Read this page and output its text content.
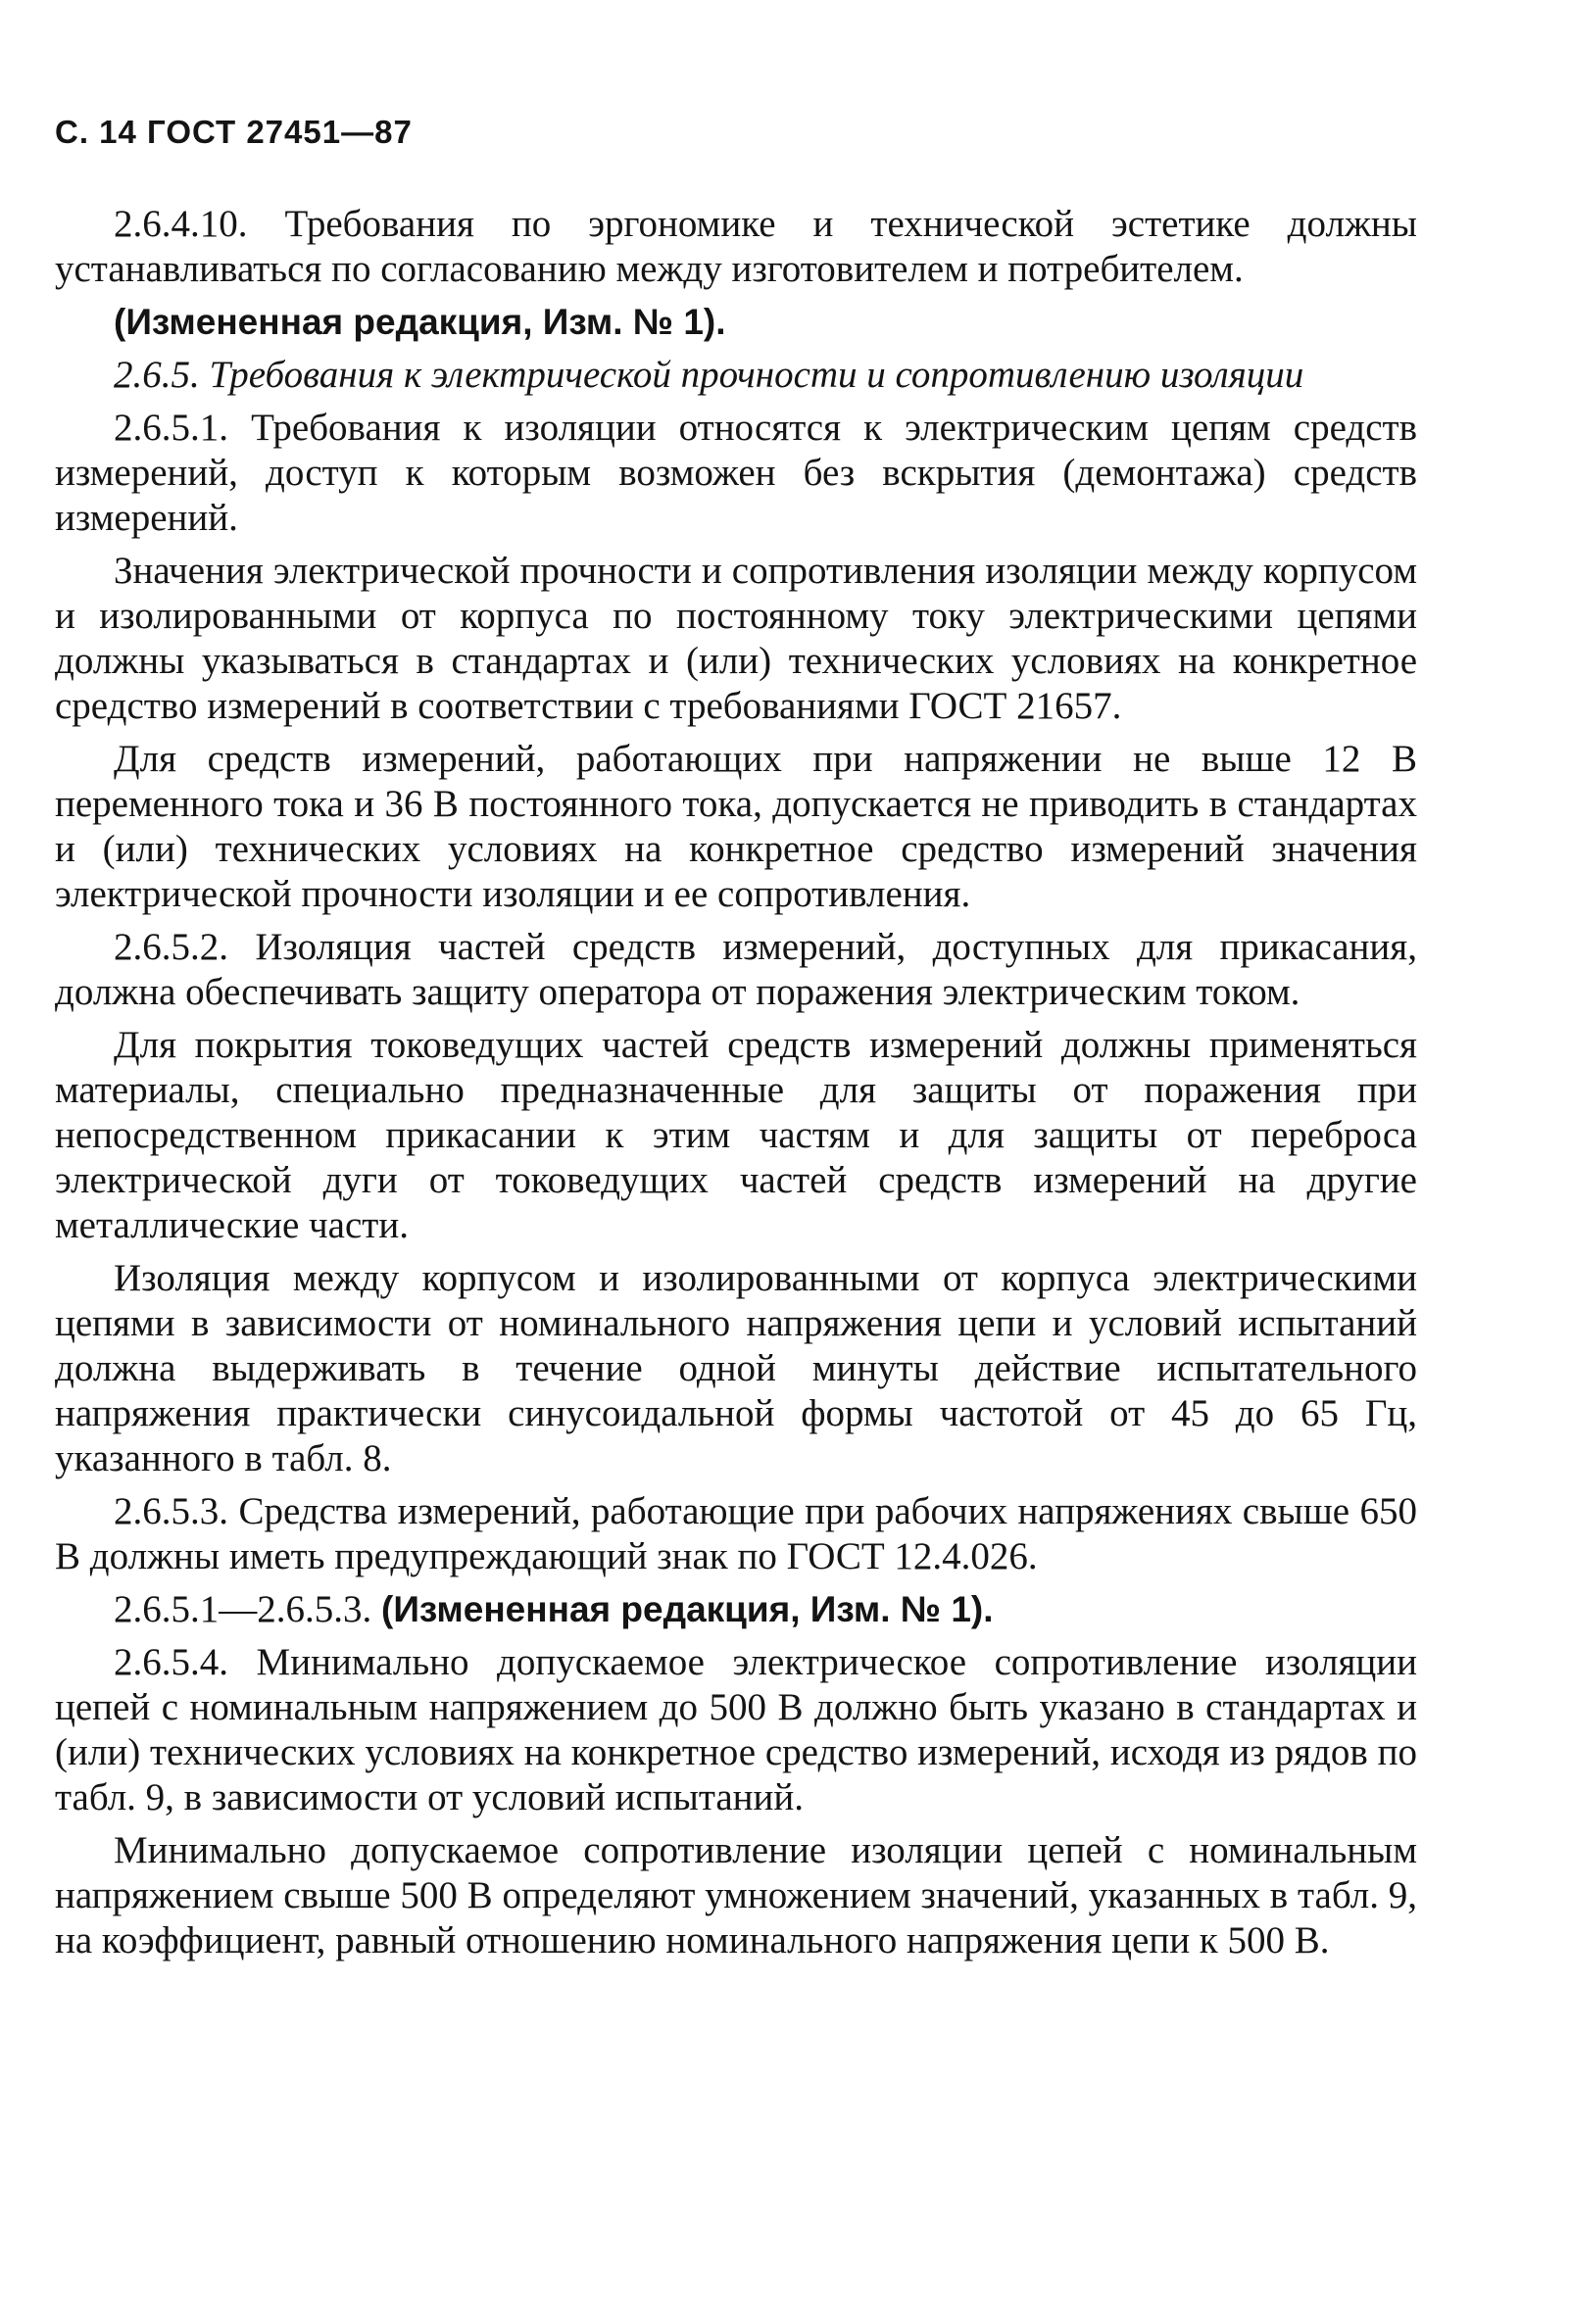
С. 14 ГОСТ 27451—87

2.6.4.10. Требования по эргономике и технической эстетике должны устанавливаться по согласованию между изготовителем и потребителем.

(Измененная редакция, Изм. № 1).

2.6.5. Требования к электрической прочности и сопротивлению изоляции

2.6.5.1. Требования к изоляции относятся к электрическим цепям средств измерений, доступ к которым возможен без вскрытия (демонтажа) средств измерений.

Значения электрической прочности и сопротивления изоляции между корпусом и изолированными от корпуса по постоянному току электрическими цепями должны указываться в стандартах и (или) технических условиях на конкретное средство измерений в соответствии с требованиями ГОСТ 21657.

Для средств измерений, работающих при напряжении не выше 12 В переменного тока и 36 В постоянного тока, допускается не приводить в стандартах и (или) технических условиях на конкретное средство измерений значения электрической прочности изоляции и ее сопротивления.

2.6.5.2. Изоляция частей средств измерений, доступных для прикасания, должна обеспечивать защиту оператора от поражения электрическим током.

Для покрытия токоведущих частей средств измерений должны применяться материалы, специально предназначенные для защиты от поражения при непосредственном прикасании к этим частям и для защиты от переброса электрической дуги от токоведущих частей средств измерений на другие металлические части.

Изоляция между корпусом и изолированными от корпуса электрическими цепями в зависимости от номинального напряжения цепи и условий испытаний должна выдерживать в течение одной минуты действие испытательного напряжения практически синусоидальной формы частотой от 45 до 65 Гц, указанного в табл. 8.

2.6.5.3. Средства измерений, работающие при рабочих напряжениях свыше 650 В должны иметь предупреждающий знак по ГОСТ 12.4.026.

2.6.5.1—2.6.5.3. (Измененная редакция, Изм. № 1).

2.6.5.4. Минимально допускаемое электрическое сопротивление изоляции цепей с номинальным напряжением до 500 В должно быть указано в стандартах и (или) технических условиях на конкретное средство измерений, исходя из рядов по табл. 9, в зависимости от условий испытаний.

Минимально допускаемое сопротивление изоляции цепей с номинальным напряжением свыше 500 В определяют умножением значений, указанных в табл. 9, на коэффициент, равный отношению номинального напряжения цепи к 500 В.
